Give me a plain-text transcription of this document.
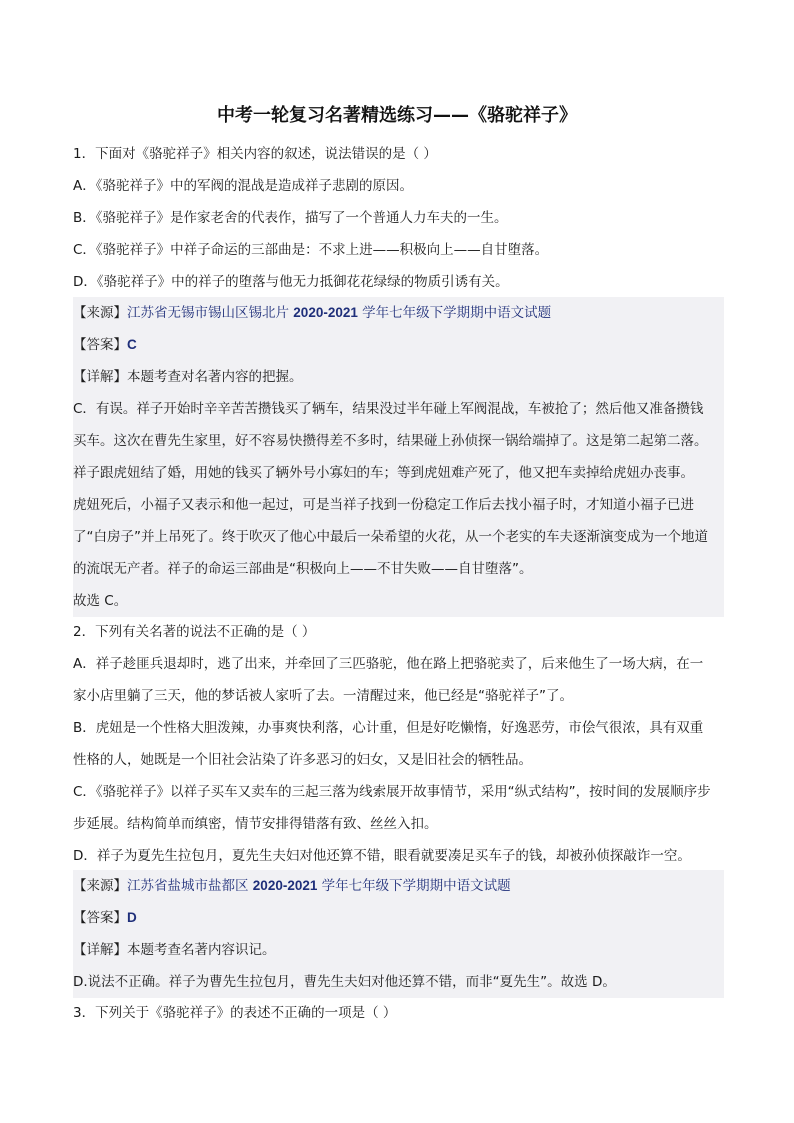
中考一轮复习名著精选练习——《骆驼祥子》
1．下面对《骆驼祥子》相关内容的叙述，说法错误的是（ ）
A．《骆驼祥子》中的军阀的混战是造成祥子悲剧的原因。
B．《骆驼祥子》是作家老舍的代表作，描写了一个普通人力车夫的一生。
C．《骆驼祥子》中祥子命运的三部曲是：不求上进——积极向上——自甘堕落。
D．《骆驼祥子》中的祥子的堕落与他无力抵御花花绿绿的物质引诱有关。
【来源】江苏省无锡市锡山区锡北片 2020-2021 学年七年级下学期期中语文试题
【答案】C
【详解】本题考查对名著内容的把握。
C．有误。祥子开始时辛辛苦苦攒钱买了辆车，结果没过半年碰上军阀混战，车被抢了；然后他又准备攒钱
买车。这次在曹先生家里，好不容易快攒得差不多时，结果碰上孙侦探一锅给端掉了。这是第二起第二落。
祥子跟虎妞结了婚，用她的钱买了辆外号小寡妇的车；等到虎妞难产死了，他又把车卖掉给虎妞办丧事。
虎妞死后，小福子又表示和他一起过，可是当祥子找到一份稳定工作后去找小福子时，才知道小福子已进
了“白房子”并上吊死了。终于吹灭了他心中最后一朵希望的火花，从一个老实的车夫逐渐演变成为一个地道
的流氓无产者。祥子的命运三部曲是“积极向上——不甘失败——自甘堕落”。
故选 C。
2．下列有关名著的说法不正确的是（ ）
A．祥子趁匪兵退却时，逃了出来，并牵回了三匹骆驼，他在路上把骆驼卖了，后来他生了一场大病，在一
家小店里躺了三天，他的梦话被人家听了去。一清醒过来，他已经是“骆驼祥子”了。
B．虎妞是一个性格大胆泼辣，办事爽快利落，心计重，但是好吃懒惰，好逸恶劳，市侩气很浓，具有双重
性格的人，她既是一个旧社会沾染了许多恶习的妇女，又是旧社会的牺牲品。
C．《骆驼祥子》以祥子买车又卖车的三起三落为线索展开故事情节，采用“纵式结构”，按时间的发展顺序步
步延展。结构简单而缜密，情节安排得错落有致、丝丝入扣。
D．祥子为夏先生拉包月，夏先生夫妇对他还算不错，眼看就要凑足买车子的钱，却被孙侦探敲诈一空。
【来源】江苏省盐城市盐都区 2020-2021 学年七年级下学期期中语文试题
【答案】D
【详解】本题考查名著内容识记。
D.说法不正确。祥子为曹先生拉包月，曹先生夫妇对他还算不错，而非“夏先生”。故选 D。
3．下列关于《骆驼祥子》的表述不正确的一项是（ ）
